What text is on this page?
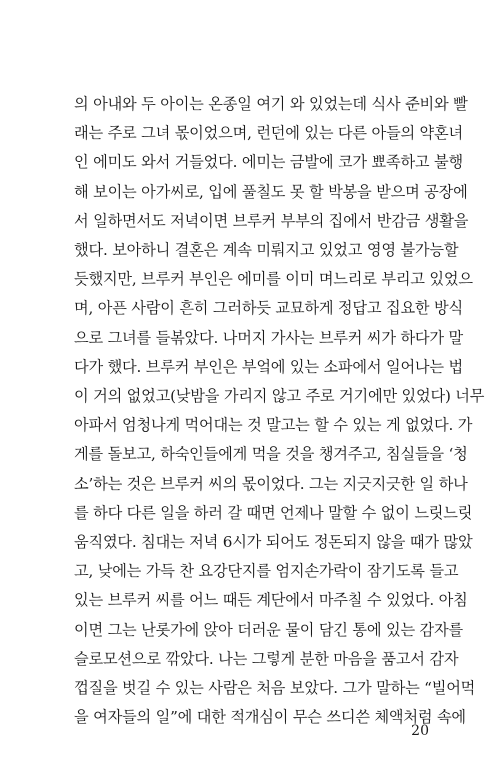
의 아내와 두 아이는 온종일 여기 와 있었는데 식사 준비와 빨
래는 주로 그녀 몫이었으며, 런던에 있는 다른 아들의 약혼녀
인 에미도 와서 거들었다. 에미는 금발에 코가 뾰족하고 불행
해 보이는 아가씨로, 입에 풀칠도 못 할 박봉을 받으며 공장에
서 일하면서도 저녁이면 브루커 부부의 집에서 반감금 생활을
했다. 보아하니 결혼은 계속 미뤄지고 있었고 영영 불가능할
듯했지만, 브루커 부인은 에미를 이미 며느리로 부리고 있었으
며, 아픈 사람이 흔히 그러하듯 교묘하게 정답고 집요한 방식
으로 그녀를 들볶았다. 나머지 가사는 브루커 씨가 하다가 말
다가 했다. 브루커 부인은 부엌에 있는 소파에서 일어나는 법
이 거의 없었고(낮밤을 가리지 않고 주로 거기에만 있었다) 너무
아파서 엄청나게 먹어대는 것 말고는 할 수 있는 게 없었다. 가
게를 돌보고, 하숙인들에게 먹을 것을 챙겨주고, 침실들을 ‘청
소’하는 것은 브루커 씨의 몫이었다. 그는 지긋지긋한 일 하나
를 하다 다른 일을 하러 갈 때면 언제나 말할 수 없이 느릿느릿
움직였다. 침대는 저녁 6시가 되어도 정돈되지 않을 때가 많았
고, 낮에는 가득 찬 요강단지를 엄지손가락이 잠기도록 들고
있는 브루커 씨를 어느 때든 계단에서 마주칠 수 있었다. 아침
이면 그는 난롯가에 앉아 더러운 물이 담긴 통에 있는 감자를
슬로모션으로 깎았다. 나는 그렇게 분한 마음을 품고서 감자
껍질을 벗길 수 있는 사람은 처음 보았다. 그가 말하는 “빌어먹
을 여자들의 일”에 대한 적개심이 무슨 쓰디쓴 체액처럼 속에
20
